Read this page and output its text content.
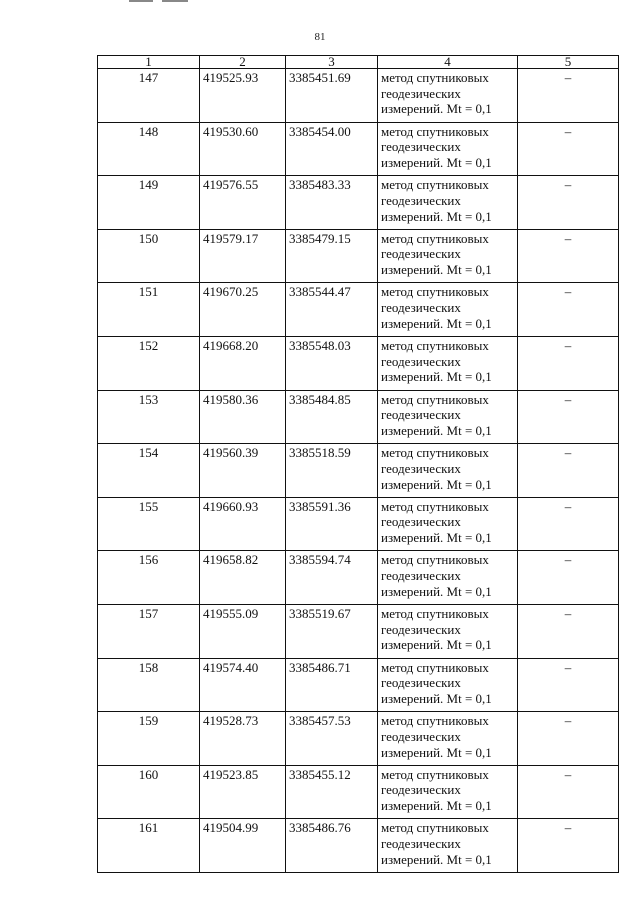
81
1	2	3	4	5
147	419525.93	3385451.69	метод спутниковых
геодезических
измерений. Mt = 0,1	–
148	419530.60	3385454.00	метод спутниковых
геодезических
измерений. Mt = 0,1	–
149	419576.55	3385483.33	метод спутниковых
геодезических
измерений. Mt = 0,1	–
150	419579.17	3385479.15	метод спутниковых
геодезических
измерений. Mt = 0,1	–
151	419670.25	3385544.47	метод спутниковых
геодезических
измерений. Mt = 0,1	–
152	419668.20	3385548.03	метод спутниковых
геодезических
измерений. Mt = 0,1	–
153	419580.36	3385484.85	метод спутниковых
геодезических
измерений. Mt = 0,1	–
154	419560.39	3385518.59	метод спутниковых
геодезических
измерений. Mt = 0,1	–
155	419660.93	3385591.36	метод спутниковых
геодезических
измерений. Mt = 0,1	–
156	419658.82	3385594.74	метод спутниковых
геодезических
измерений. Mt = 0,1	–
157	419555.09	3385519.67	метод спутниковых
геодезических
измерений. Mt = 0,1	–
158	419574.40	3385486.71	метод спутниковых
геодезических
измерений. Mt = 0,1	–
159	419528.73	3385457.53	метод спутниковых
геодезических
измерений. Mt = 0,1	–
160	419523.85	3385455.12	метод спутниковых
геодезических
измерений. Mt = 0,1	–
161	419504.99	3385486.76	метод спутниковых
геодезических
измерений. Mt = 0,1	–
